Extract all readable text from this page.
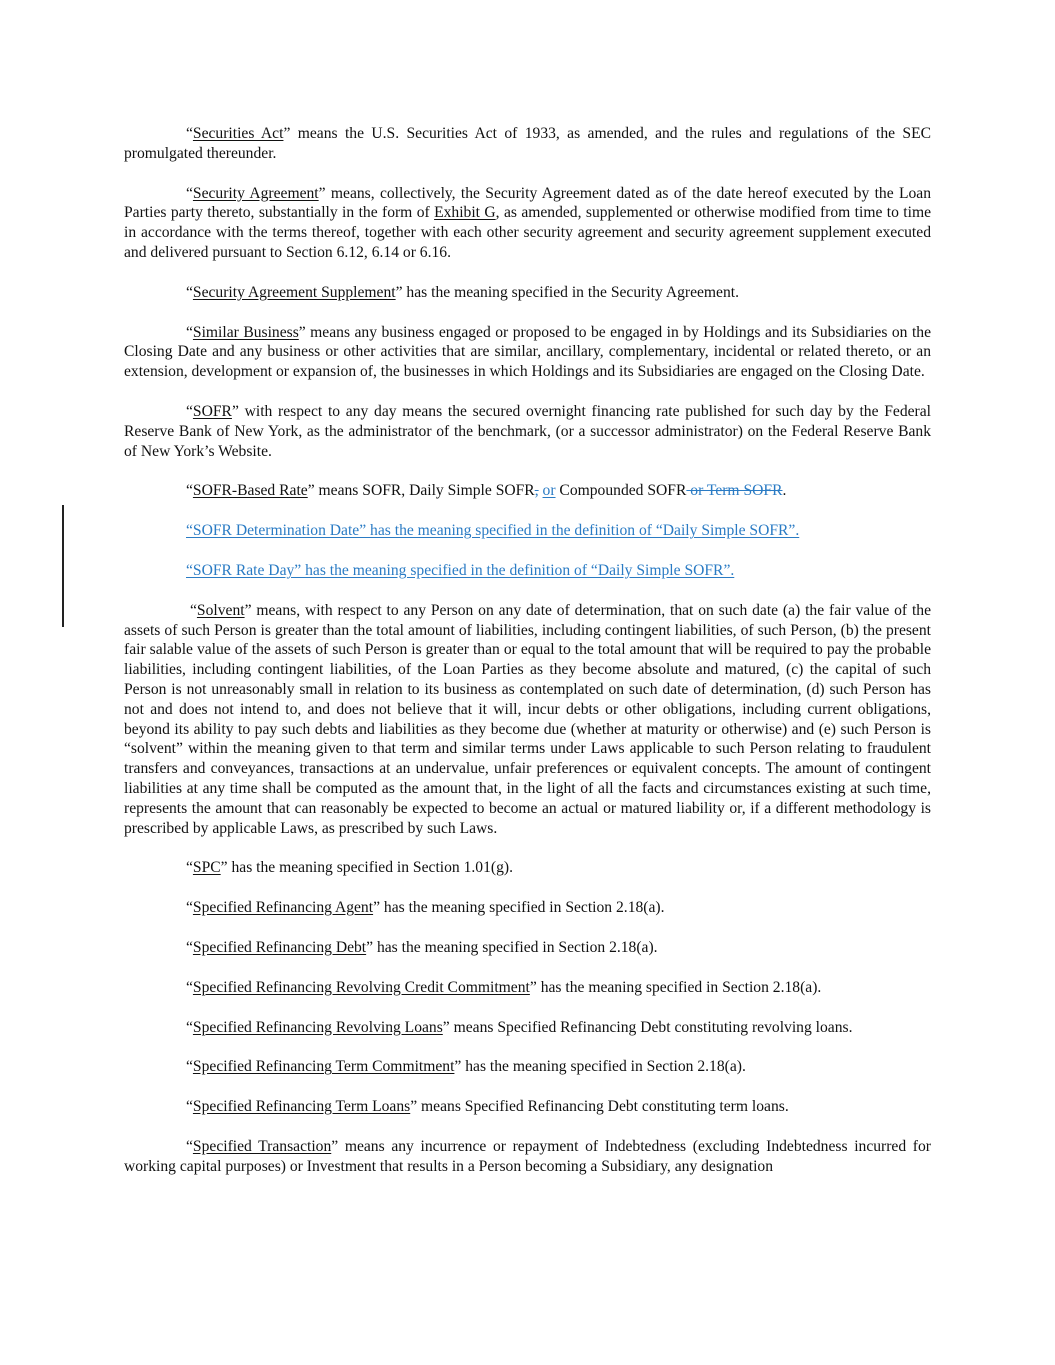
“Securities Act” means the U.S. Securities Act of 1933, as amended, and the rules and regulations of the SEC promulgated thereunder.

“Security Agreement” means, collectively, the Security Agreement dated as of the date hereof executed by the Loan Parties party thereto, substantially in the form of Exhibit G, as amended, supplemented or otherwise modified from time to time in accordance with the terms thereof, together with each other security agreement and security agreement supplement executed and delivered pursuant to Section 6.12, 6.14 or 6.16.

“Security Agreement Supplement” has the meaning specified in the Security Agreement.

“Similar Business” means any business engaged or proposed to be engaged in by Holdings and its Subsidiaries on the Closing Date and any business or other activities that are similar, ancillary, complementary, incidental or related thereto, or an extension, development or expansion of, the businesses in which Holdings and its Subsidiaries are engaged on the Closing Date.

“SOFR” with respect to any day means the secured overnight financing rate published for such day by the Federal Reserve Bank of New York, as the administrator of the benchmark, (or a successor administrator) on the Federal Reserve Bank of New York’s Website.

“SOFR-Based Rate” means SOFR, Daily Simple SOFR, or Compounded SOFR or Term SOFR.

“SOFR Determination Date” has the meaning specified in the definition of “Daily Simple SOFR”.

“SOFR Rate Day” has the meaning specified in the definition of “Daily Simple SOFR”.

“Solvent” means, with respect to any Person on any date of determination, that on such date (a) the fair value of the assets of such Person is greater than the total amount of liabilities, including contingent liabilities, of such Person, (b) the present fair salable value of the assets of such Person is greater than or equal to the total amount that will be required to pay the probable liabilities, including contingent liabilities, of the Loan Parties as they become absolute and matured, (c) the capital of such Person is not unreasonably small in relation to its business as contemplated on such date of determination, (d) such Person has not and does not intend to, and does not believe that it will, incur debts or other obligations, including current obligations, beyond its ability to pay such debts and liabilities as they become due (whether at maturity or otherwise) and (e) such Person is “solvent” within the meaning given to that term and similar terms under Laws applicable to such Person relating to fraudulent transfers and conveyances, transactions at an undervalue, unfair preferences or equivalent concepts. The amount of contingent liabilities at any time shall be computed as the amount that, in the light of all the facts and circumstances existing at such time, represents the amount that can reasonably be expected to become an actual or matured liability or, if a different methodology is prescribed by applicable Laws, as prescribed by such Laws.

“SPC” has the meaning specified in Section 1.01(g).

“Specified Refinancing Agent” has the meaning specified in Section 2.18(a).

“Specified Refinancing Debt” has the meaning specified in Section 2.18(a).

“Specified Refinancing Revolving Credit Commitment” has the meaning specified in Section 2.18(a).

“Specified Refinancing Revolving Loans” means Specified Refinancing Debt constituting revolving loans.

“Specified Refinancing Term Commitment” has the meaning specified in Section 2.18(a).

“Specified Refinancing Term Loans” means Specified Refinancing Debt constituting term loans.

“Specified Transaction” means any incurrence or repayment of Indebtedness (excluding Indebtedness incurred for working capital purposes) or Investment that results in a Person becoming a Subsidiary, any designation
